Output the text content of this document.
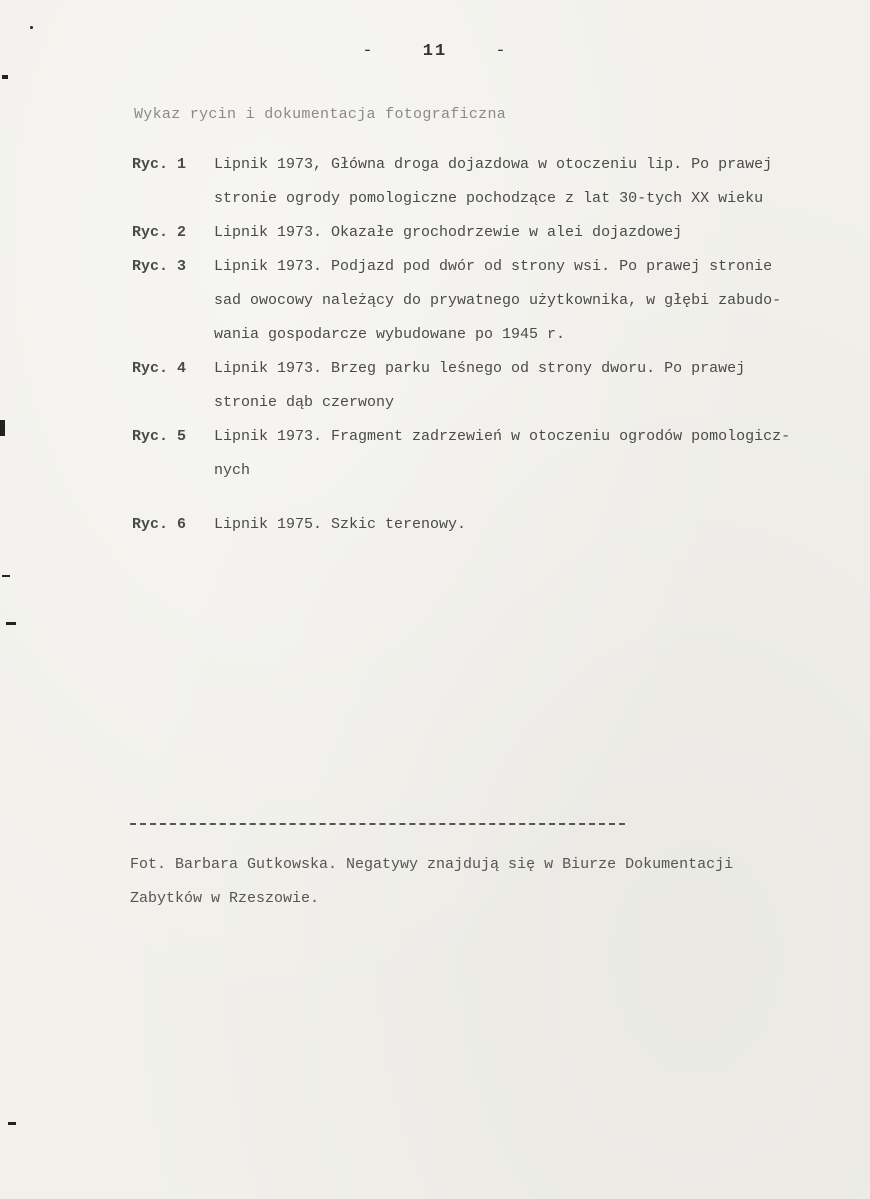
-	11	-
Wykaz rycin i dokumentacja fotograficzna
Ryc. 1	Lipnik 1973, Główna droga dojazdowa w otoczeniu lip. Po prawej
stronie ogrody pomologiczne pochodzące z lat 30-tych XX wieku
Ryc. 2	Lipnik 1973. Okazałe grochodrzewie w alei dojazdowej
Ryc. 3	Lipnik 1973. Podjazd pod dwór od strony wsi. Po prawej stronie
sad owocowy należący do prywatnego użytkownika, w głębi zabudo-
wania gospodarcze wybudowane po 1945 r.
Ryc. 4	Lipnik 1973. Brzeg parku leśnego od strony dworu. Po prawej
stronie dąb czerwony
Ryc. 5	Lipnik 1973. Fragment zadrzewień w otoczeniu ogrodów pomologicz-
nych
Ryc. 6	Lipnik 1975. Szkic terenowy.
Fot. Barbara Gutkowska. Negatywy znajdują się w Biurze Dokumentacji
Zabytków w Rzeszowie.
